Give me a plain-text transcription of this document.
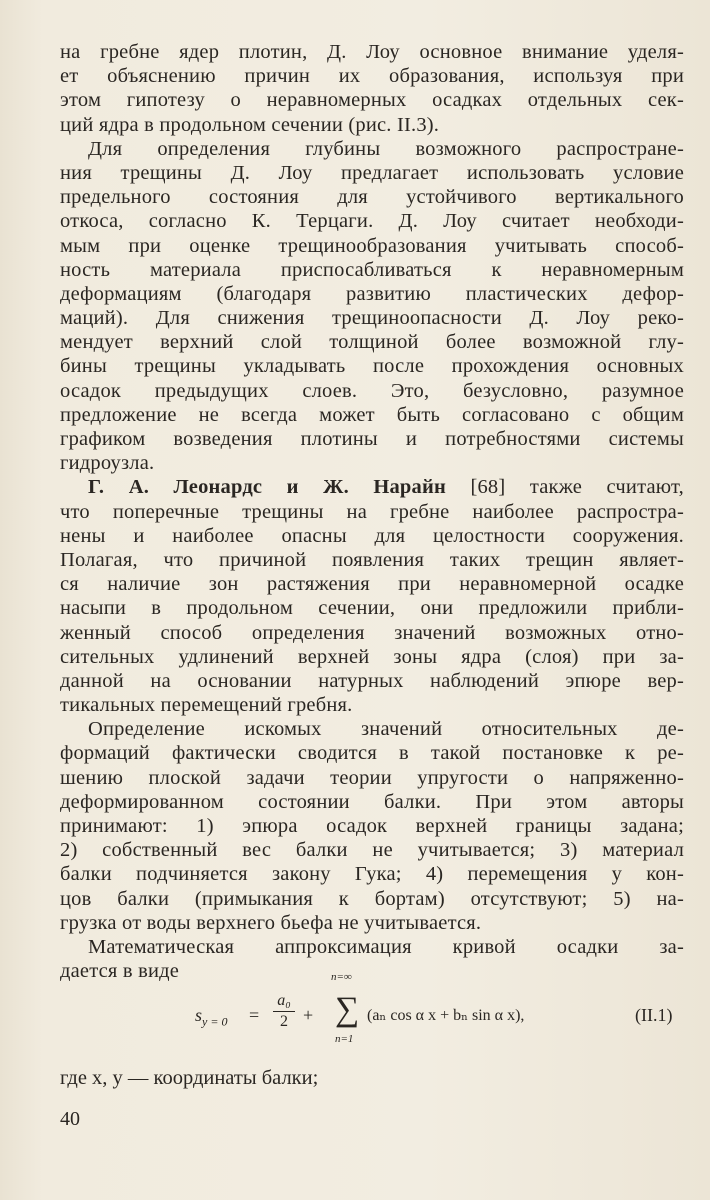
на гребне ядер плотин, Д. Лоу основное внимание уделя-
ет объяснению причин их образования, используя при
этом гипотезу о неравномерных осадках отдельных сек-
ций ядра в продольном сечении (рис. II.3).
Для определения глубины возможного распростране-
ния трещины Д. Лоу предлагает использовать условие
предельного состояния для устойчивого вертикального
откоса, согласно К. Терцаги. Д. Лоу считает необходи-
мым при оценке трещинообразования учитывать способ-
ность материала приспосабливаться к неравномерным
деформациям (благодаря развитию пластических дефор-
маций). Для снижения трещиноопасности Д. Лоу реко-
мендует верхний слой толщиной более возможной глу-
бины трещины укладывать после прохождения основных
осадок предыдущих слоев. Это, безусловно, разумное
предложение не всегда может быть согласовано с общим
графиком возведения плотины и потребностями системы
гидроузла.
Г. А. Леонардс и Ж. Нарайн [68] также считают,
что поперечные трещины на гребне наиболее распростра-
нены и наиболее опасны для целостности сооружения.
Полагая, что причиной появления таких трещин являет-
ся наличие зон растяжения при неравномерной осадке
насыпи в продольном сечении, они предложили прибли-
женный способ определения значений возможных отно-
сительных удлинений верхней зоны ядра (слоя) при за-
данной на основании натурных наблюдений эпюре вер-
тикальных перемещений гребня.
Определение искомых значений относительных де-
формаций фактически сводится в такой постановке к ре-
шению плоской задачи теории упругости о напряженно-
деформированном состоянии балки. При этом авторы
принимают: 1) эпюра осадок верхней границы задана;
2) собственный вес балки не учитывается; 3) материал
балки подчиняется закону Гука; 4) перемещения у кон-
цов балки (примыкания к бортам) отсутствуют; 5) на-
грузка от воды верхнего бьефа не учитывается.
Математическая аппроксимация кривой осадки за-
дается в виде
$s_{y = 0} = \frac{\text{a₀}}{2}$ +
n=∞
∑
n=1
(aₙ cos α x + bₙ sin α x),	(II.1)
где x, y — координаты балки;
40
